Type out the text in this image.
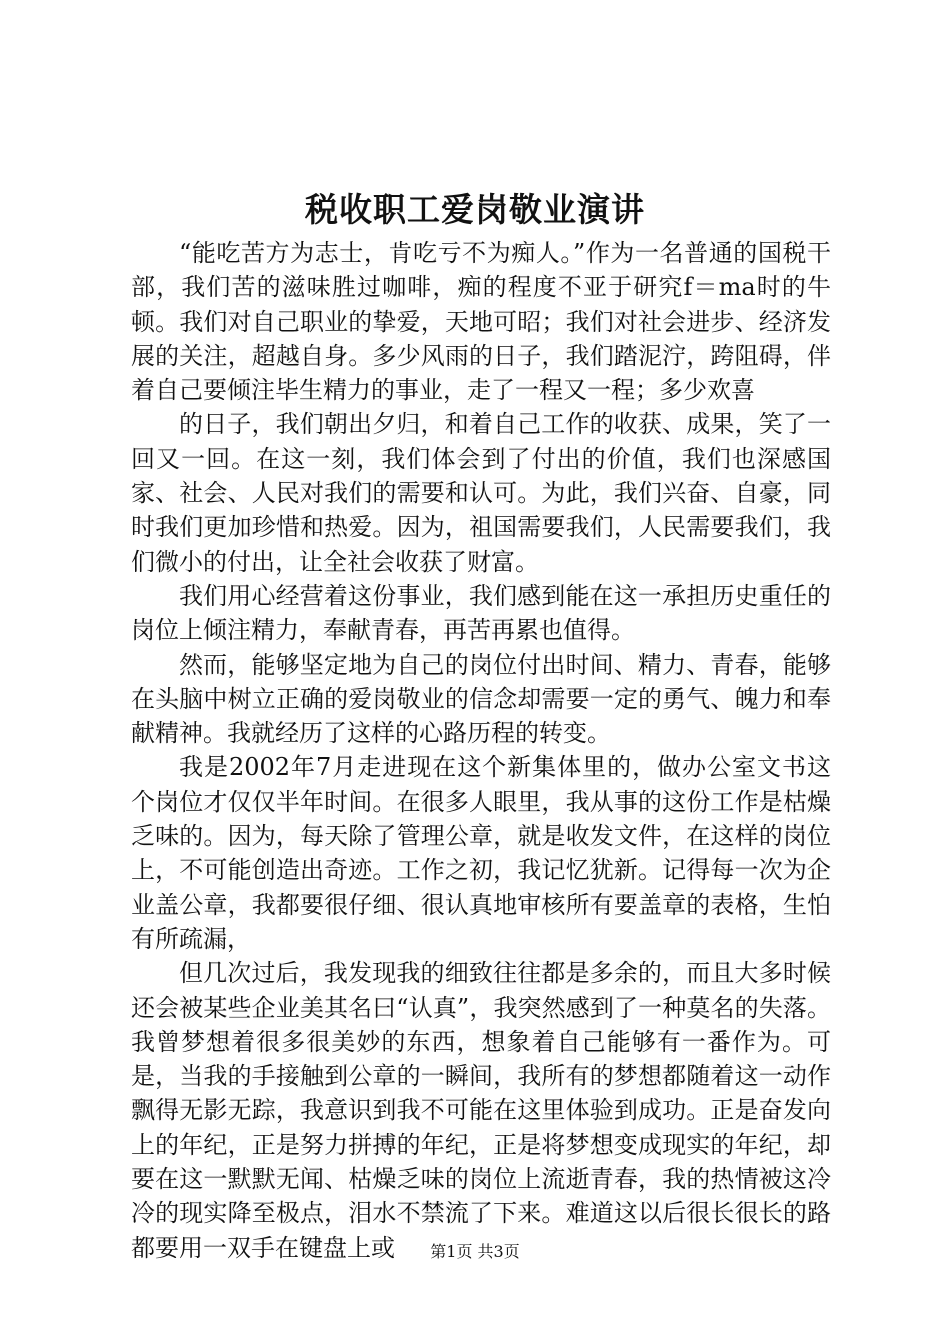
税收职工爱岗敬业演讲

“能吃苦方为志士，肯吃亏不为痴人。”作为一名普通的国税干部，我们苦的滋味胜过咖啡，痴的程度不亚于研究f＝ma时的牛顿。我们对自己职业的挚爱，天地可昭；我们对社会进步、经济发展的关注，超越自身。多少风雨的日子，我们踏泥泞，跨阻碍，伴着自己要倾注毕生精力的事业，走了一程又一程；多少欢喜

的日子，我们朝出夕归，和着自己工作的收获、成果，笑了一回又一回。在这一刻，我们体会到了付出的价值，我们也深感国家、社会、人民对我们的需要和认可。为此，我们兴奋、自豪，同时我们更加珍惜和热爱。因为，祖国需要我们，人民需要我们，我们微小的付出，让全社会收获了财富。

我们用心经营着这份事业，我们感到能在这一承担历史重任的岗位上倾注精力，奉献青春，再苦再累也值得。

然而，能够坚定地为自己的岗位付出时间、精力、青春，能够在头脑中树立正确的爱岗敬业的信念却需要一定的勇气、魄力和奉献精神。我就经历了这样的心路历程的转变。

我是2002年7月走进现在这个新集体里的，做办公室文书这个岗位才仅仅半年时间。在很多人眼里，我从事的这份工作是枯燥乏味的。因为，每天除了管理公章，就是收发文件，在这样的岗位上，不可能创造出奇迹。工作之初，我记忆犹新。记得每一次为企业盖公章，我都要很仔细、很认真地审核所有要盖章的表格，生怕有所疏漏，

但几次过后，我发现我的细致往往都是多余的，而且大多时候还会被某些企业美其名曰“认真”，我突然感到了一种莫名的失落。我曾梦想着很多很美妙的东西，想象着自己能够有一番作为。可是，当我的手接触到公章的一瞬间，我所有的梦想都随着这一动作飘得无影无踪，我意识到我不可能在这里体验到成功。正是奋发向上的年纪，正是努力拼搏的年纪，正是将梦想变成现实的年纪，却要在这一默默无闻、枯燥乏味的岗位上流逝青春，我的热情被这冷冷的现实降至极点，泪水不禁流了下来。难道这以后很长很长的路都要用一双手在键盘上或	第1页 共3页
